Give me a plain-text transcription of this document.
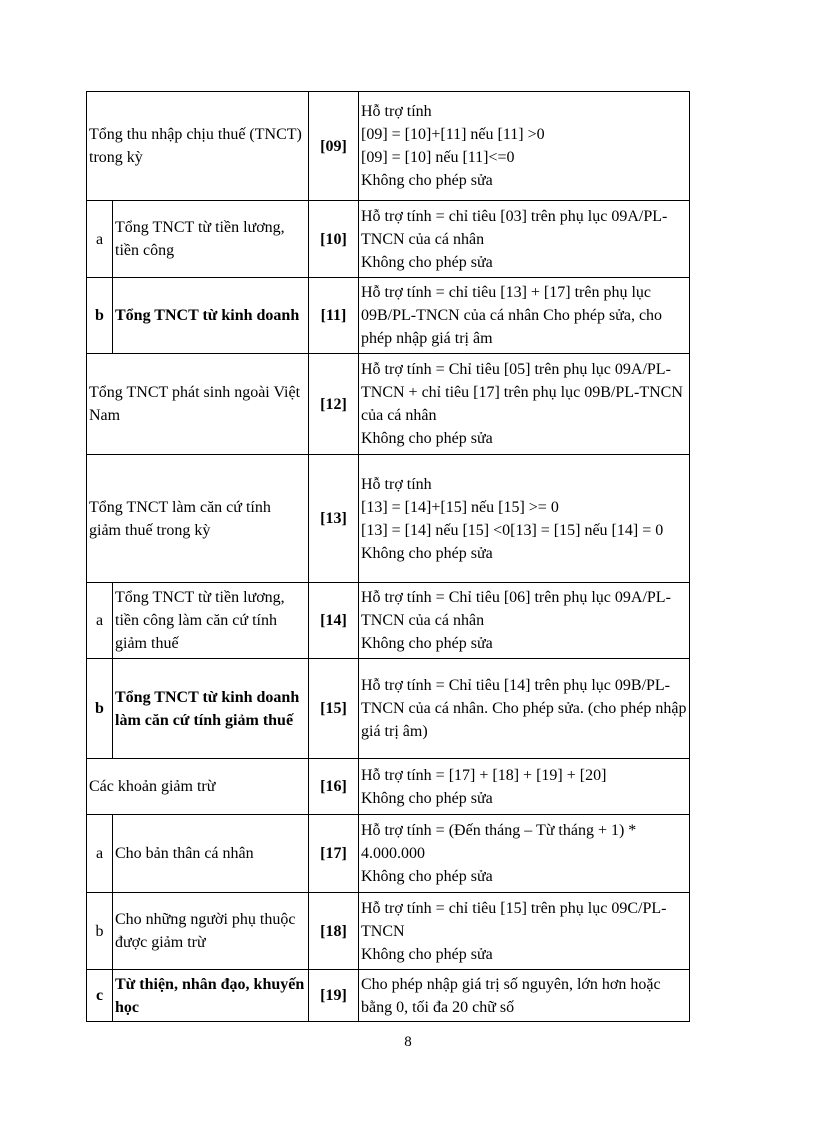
Tổng thu nhập chịu thuế (TNCT) trong kỳ		[09]	Hỗ trợ tính
[09] = [10]+[11] nếu [11] >0
[09] = [10] nếu [11]<=0
Không cho phép sửa

a	Tổng TNCT từ tiền lương, tiền công	[10]	Hỗ trợ tính = chỉ tiêu [03] trên phụ lục 09A/PL-TNCN của cá nhân
Không cho phép sửa

b	Tổng TNCT từ kinh doanh	[11]	Hỗ trợ tính = chỉ tiêu [13] + [17] trên phụ lục 09B/PL-TNCN của cá nhân Cho phép sửa, cho phép nhập giá trị âm

Tổng TNCT phát sinh ngoài Việt Nam		[12]	Hỗ trợ tính = Chỉ tiêu [05] trên phụ lục 09A/PL-TNCN + chỉ tiêu [17] trên phụ lục 09B/PL-TNCN của cá nhân
Không cho phép sửa

Tổng TNCT làm căn cứ tính giảm thuế trong kỳ		[13]	Hỗ trợ tính
[13] = [14]+[15] nếu [15] >= 0
[13] = [14] nếu [15] <0[13] = [15] nếu [14] = 0
Không cho phép sửa

a	Tổng TNCT từ tiền lương, tiền công làm căn cứ tính giảm thuế	[14]	Hỗ trợ tính = Chỉ tiêu [06] trên phụ lục 09A/PL-TNCN của cá nhân
Không cho phép sửa

b	Tổng TNCT từ kinh doanh làm căn cứ tính giảm thuế	[15]	Hỗ trợ tính = Chỉ tiêu [14] trên phụ lục 09B/PL-TNCN của cá nhân. Cho phép sửa. (cho phép nhập giá trị âm)

Các khoản giảm trừ		[16]	Hỗ trợ tính = [17] + [18] + [19] + [20]
Không cho phép sửa

a	Cho bản thân cá nhân	[17]	Hỗ trợ tính = (Đến tháng – Từ tháng + 1) * 4.000.000
Không cho phép sửa

b	Cho những người phụ thuộc được giảm trừ	[18]	Hỗ trợ tính = chỉ tiêu [15] trên phụ lục 09C/PL-TNCN
Không cho phép sửa

c	Từ thiện, nhân đạo, khuyến học	[19]	Cho phép nhập giá trị số nguyên, lớn hơn hoặc bằng 0, tối đa 20 chữ số
8
